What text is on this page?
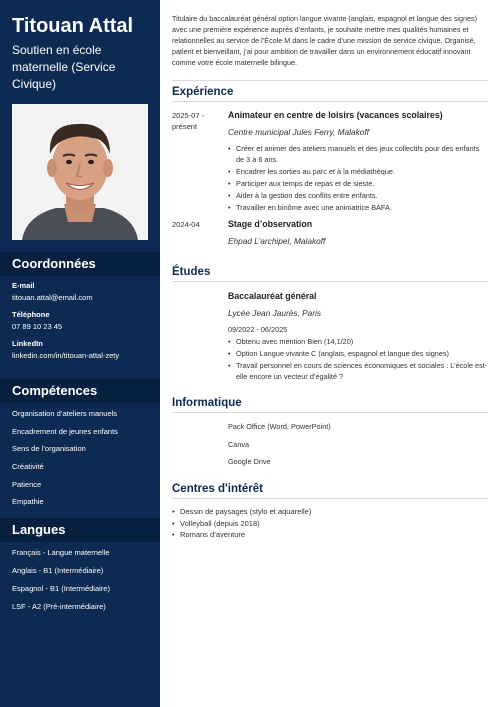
Titouan Attal
Soutien en école maternelle (Service Civique)
Coordonnées
E-mail
titouan.attal@email.com
Téléphone
07 89 10 23 45
LinkedIn
linkedin.com/in/titouan-attal-zety
Compétences
Organisation d’ateliers manuels
Encadrement de jeunes enfants
Sens de l’organisation
Créativité
Patience
Empathie
Langues
Français - Langue maternelle
Anglais - B1 (Intermédiaire)
Espagnol - B1 (Intermédiaire)
LSF - A2 (Pré-intermédiaire)
Titulaire du baccalauréat général option langue vivante (anglais, espagnol et langue des signes) avec une première expérience auprès d’enfants, je souhaite mettre mes qualités humaines et relationnelles au service de l’École M dans le cadre d’une mission de service civique. Organisé, patient et bienveillant, j’ai pour ambition de travailler dans un environnement éducatif innovant comme votre école maternelle bilingue.
Expérience
2025-07 - présent
Animateur en centre de loisirs (vacances scolaires)
Centre municipal Jules Ferry, Malakoff
• Créer et animer des ateliers manuels et des jeux collectifs pour des enfants de 3 à 6 ans.
• Encadrer les sorties au parc et à la médiathèque.
• Participer aux temps de repas et de sieste.
• Aider à la gestion des conflits entre enfants.
• Travailler en binôme avec une animatrice BAFA.
2024-04	Stage d’observation
Ehpad L’archipel, Malakoff
Études
Baccalauréat général
Lycée Jean Jaurès, Paris
09/2022 - 06/2025
• Obtenu avec mention Bien (14,1/20)
• Option Langue vivante C (anglais, espagnol et langue des signes)
• Travail personnel en cours de sciences économiques et sociales : L’école est-elle encore un vecteur d’égalité ?
Informatique
Pack Office (Word, PowerPoint)
Canva
Google Drive
Centres d'intérêt
• Dessin de paysages (stylo et aquarelle)
• Volleyball (depuis 2018)
• Romans d’aventure
